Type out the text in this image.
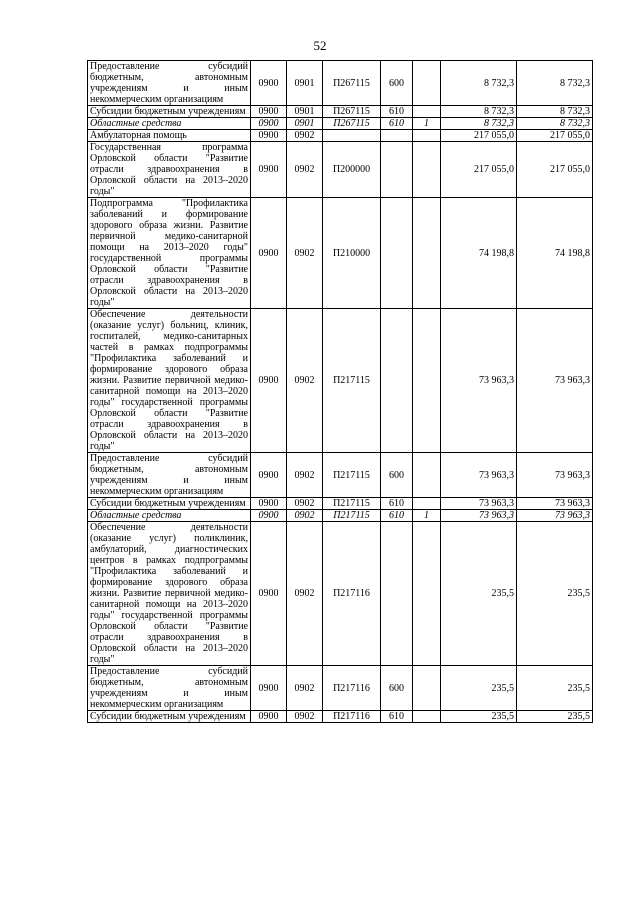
52
Предоставление субсидий бюджетным, автономным учреждениям и иным некоммерческим организациям	0900	0901	П267115	600		8 732,3	8 732,3
Субсидии бюджетным учреждениям	0900	0901	П267115	610		8 732,3	8 732,3
Областные средства	0900	0901	П267115	610	1	8 732,3	8 732,3
Амбулаторная помощь	0900	0902				217 055,0	217 055,0
Государственная программа Орловской области "Развитие отрасли здравоохранения в Орловской области на 2013–2020 годы"	0900	0902	П200000			217 055,0	217 055,0
Подпрограмма "Профилактика заболеваний и формирование здорового образа жизни. Развитие первичной медико-санитарной помощи на 2013–2020 годы" государственной программы Орловской области "Развитие отрасли здравоохранения в Орловской области на 2013–2020 годы"	0900	0902	П210000			74 198,8	74 198,8
Обеспечение деятельности (оказание услуг) больниц, клиник, госпиталей, медико-санитарных частей в рамках подпрограммы "Профилактика заболеваний и формирование здорового образа жизни. Развитие первичной медико-санитарной помощи на 2013–2020 годы" государственной программы Орловской области "Развитие отрасли здравоохранения в Орловской области на 2013–2020 годы"	0900	0902	П217115			73 963,3	73 963,3
Предоставление субсидий бюджетным, автономным учреждениям и иным некоммерческим организациям	0900	0902	П217115	600		73 963,3	73 963,3
Субсидии бюджетным учреждениям	0900	0902	П217115	610		73 963,3	73 963,3
Областные средства	0900	0902	П217115	610	1	73 963,3	73 963,3
Обеспечение деятельности (оказание услуг) поликлиник, амбулаторий, диагностических центров в рамках подпрограммы "Профилактика заболеваний и формирование здорового образа жизни. Развитие первичной медико-санитарной помощи на 2013–2020 годы" государственной программы Орловской области "Развитие отрасли здравоохранения в Орловской области на 2013–2020 годы"	0900	0902	П217116			235,5	235,5
Предоставление субсидий бюджетным, автономным учреждениям и иным некоммерческим организациям	0900	0902	П217116	600		235,5	235,5
Субсидии бюджетным учреждениям	0900	0902	П217116	610		235,5	235,5
